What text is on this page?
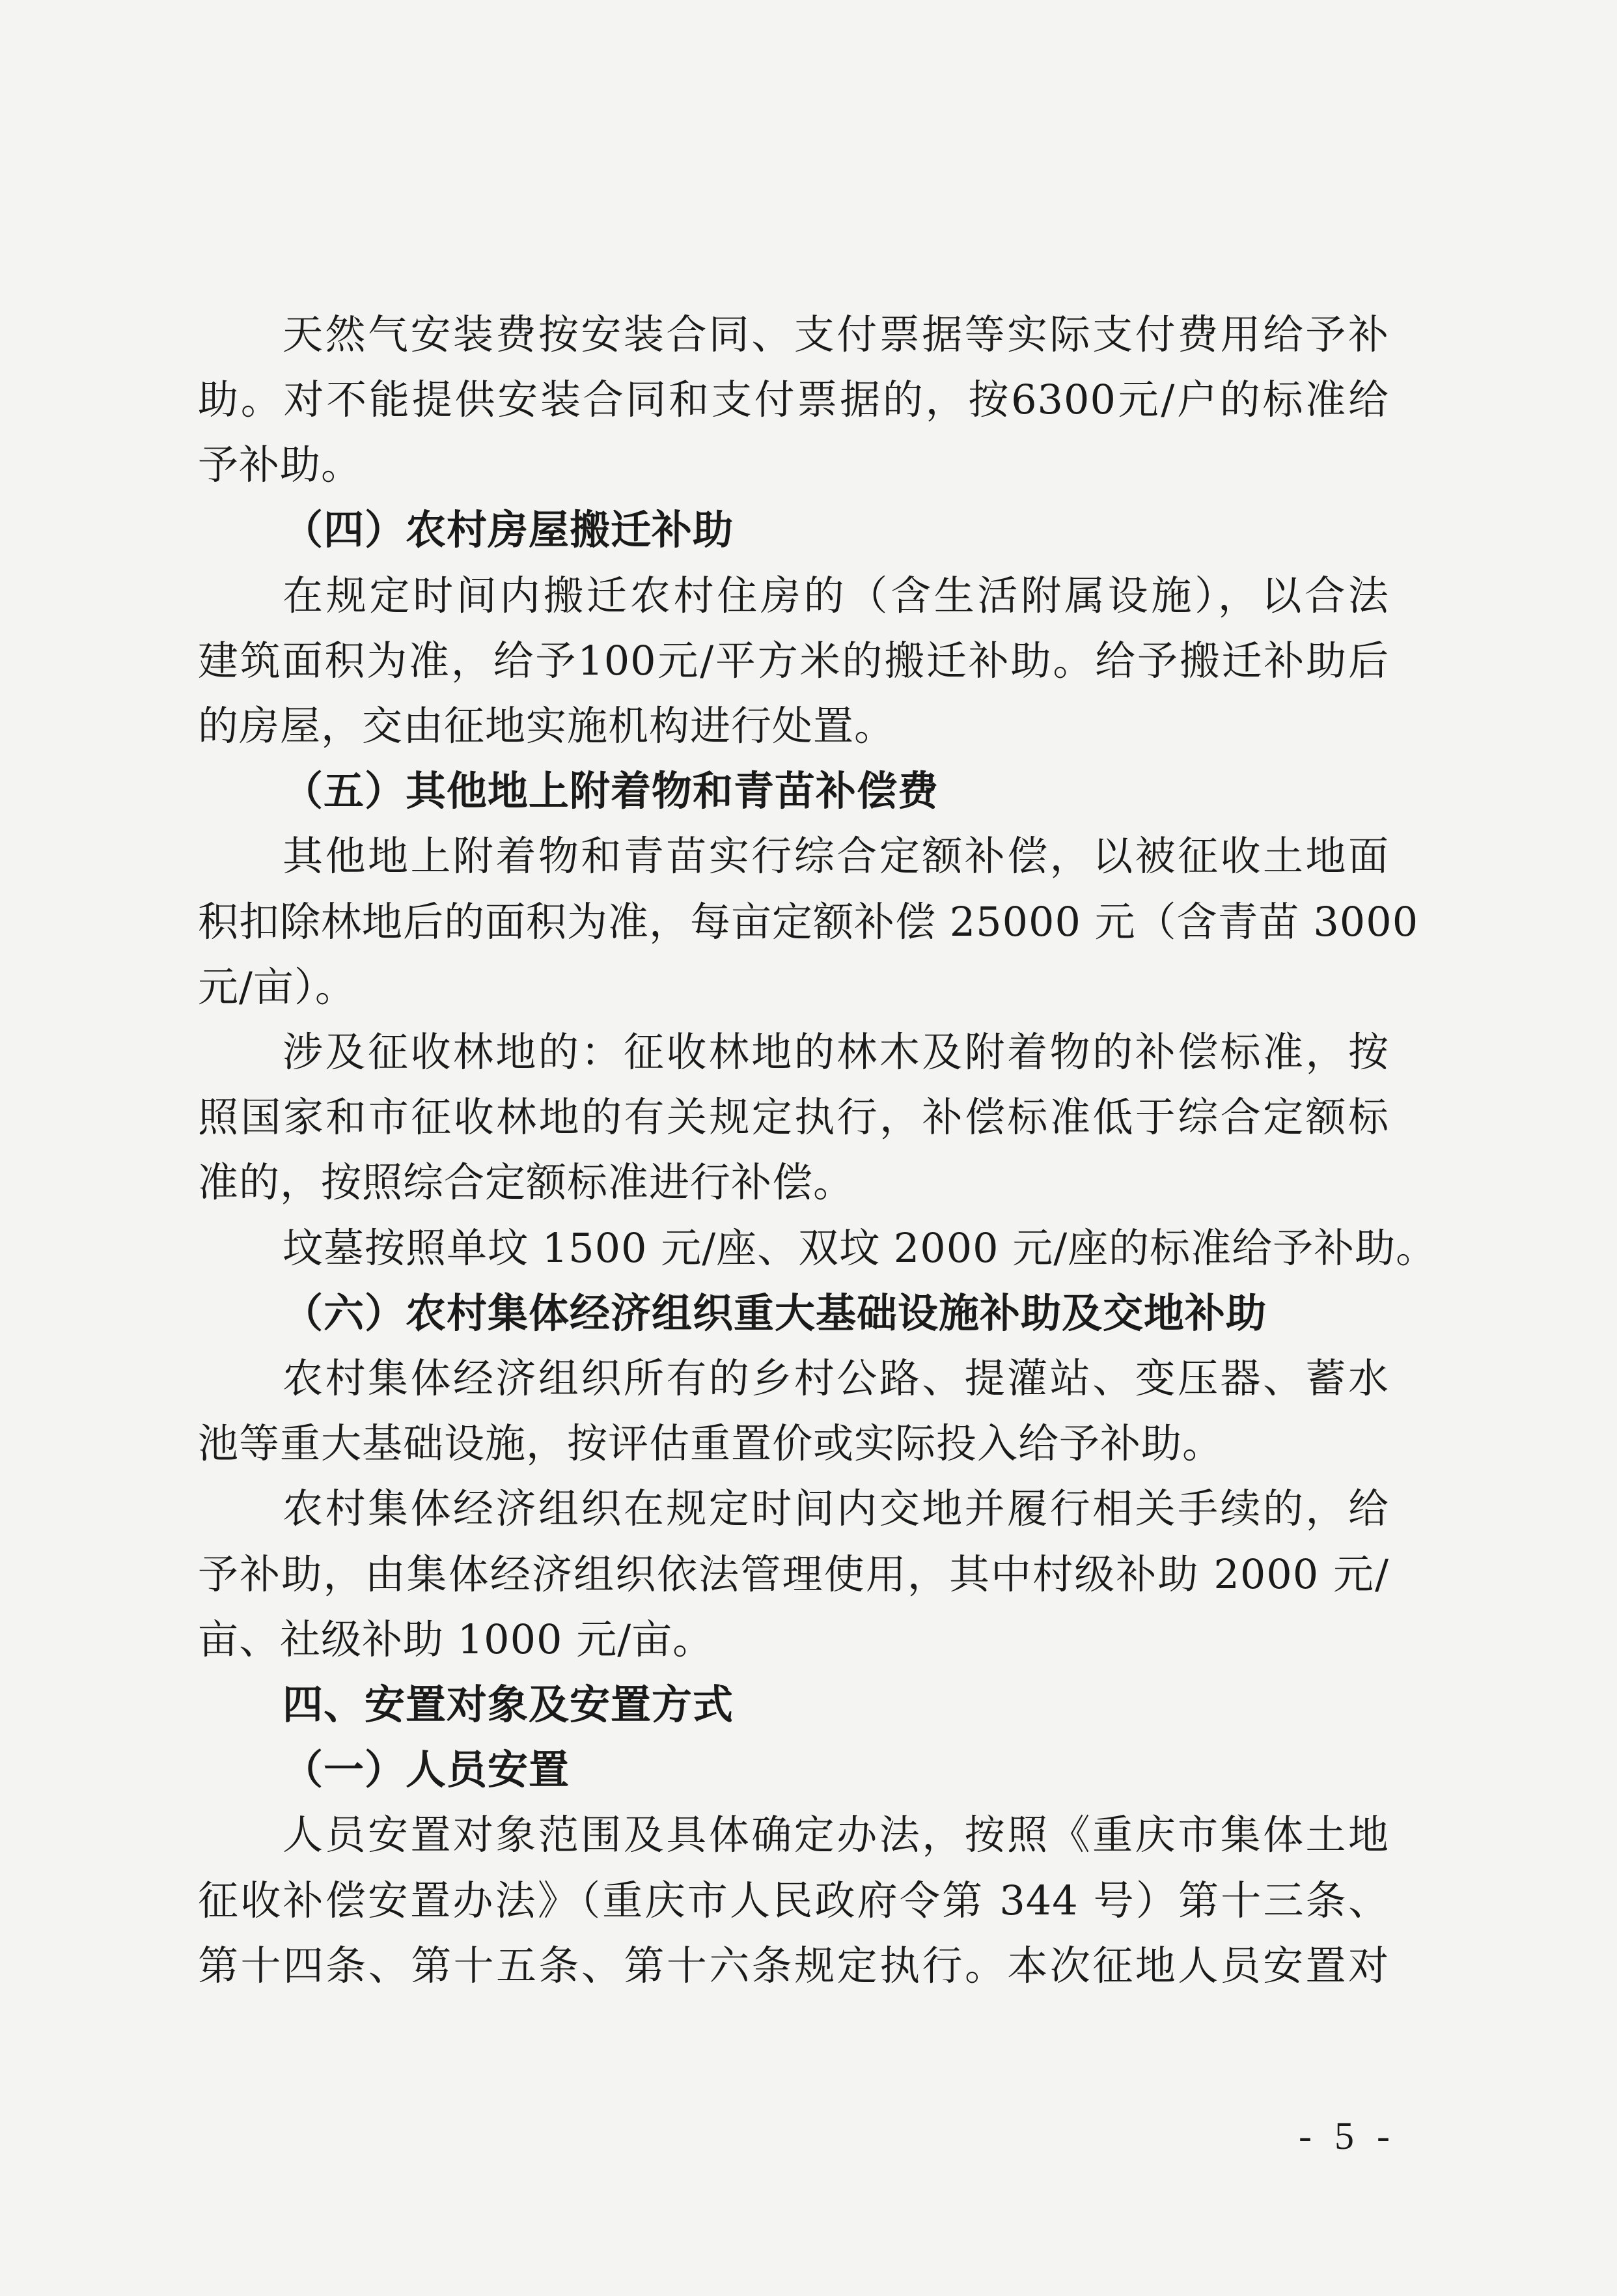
天然气安装费按安装合同、支付票据等实际支付费用给予补
助。对不能提供安装合同和支付票据的，按6300元/户的标准给
予补助。
（四）农村房屋搬迁补助
在规定时间内搬迁农村住房的（含生活附属设施），以合法
建筑面积为准，给予100元/平方米的搬迁补助。给予搬迁补助后
的房屋，交由征地实施机构进行处置。
（五）其他地上附着物和青苗补偿费
其他地上附着物和青苗实行综合定额补偿，以被征收土地面
积扣除林地后的面积为准，每亩定额补偿 25000 元（含青苗 3000
元/亩）。
涉及征收林地的：征收林地的林木及附着物的补偿标准，按
照国家和市征收林地的有关规定执行，补偿标准低于综合定额标
准的，按照综合定额标准进行补偿。
坟墓按照单坟 1500 元/座、双坟 2000 元/座的标准给予补助。
（六）农村集体经济组织重大基础设施补助及交地补助
农村集体经济组织所有的乡村公路、提灌站、变压器、蓄水
池等重大基础设施，按评估重置价或实际投入给予补助。
农村集体经济组织在规定时间内交地并履行相关手续的，给
予补助，由集体经济组织依法管理使用，其中村级补助 2000 元/
亩、社级补助 1000 元/亩。
四、安置对象及安置方式
（一）人员安置
人员安置对象范围及具体确定办法，按照《重庆市集体土地
征收补偿安置办法》（重庆市人民政府令第 344 号）第十三条、
第十四条、第十五条、第十六条规定执行。本次征地人员安置对
- 5 -
